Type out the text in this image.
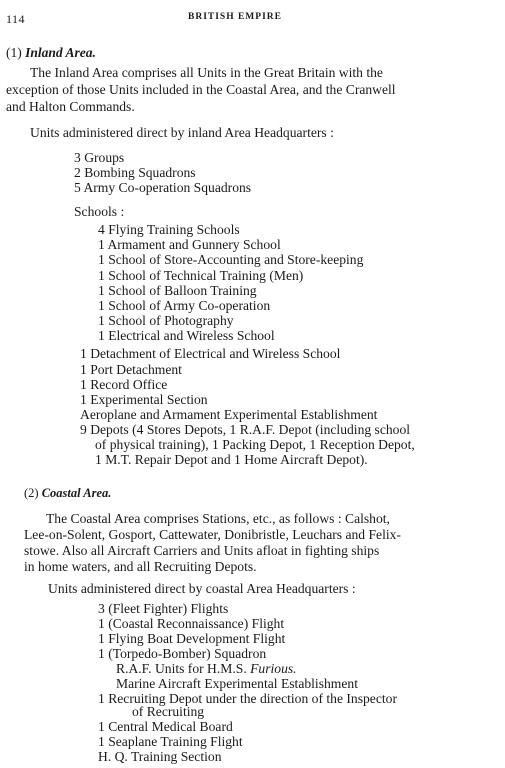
114	BRITISH EMPIRE
(1) Inland Area.
The Inland Area comprises all Units in the Great Britain with the
exception of those Units included in the Coastal Area, and the Cranwell
and Halton Commands.
Units administered direct by inland Area Headquarters :
3 Groups
2 Bombing Squadrons
5 Army Co-operation Squadrons
Schools :
4 Flying Training Schools
1 Armament and Gunnery School
1 School of Store-Accounting and Store-keeping
1 School of Technical Training (Men)
1 School of Balloon Training
1 School of Army Co-operation
1 School of Photography
1 Electrical and Wireless School
1 Detachment of Electrical and Wireless School
1 Port Detachment
1 Record Office
1 Experimental Section
Aeroplane and Armament Experimental Establishment
9 Depots (4 Stores Depots, 1 R.A.F. Depot (including school
of physical training), 1 Packing Depot, 1 Reception Depot,
1 M.T. Repair Depot and 1 Home Aircraft Depot).
(2) Coastal Area.
The Coastal Area comprises Stations, etc., as follows : Calshot,
Lee-on-Solent, Gosport, Cattewater, Donibristle, Leuchars and Felix-
stowe. Also all Aircraft Carriers and Units afloat in fighting ships
in home waters, and all Recruiting Depots.
Units administered direct by coastal Area Headquarters :
3 (Fleet Fighter) Flights
1 (Coastal Reconnaissance) Flight
1 Flying Boat Development Flight
1 (Torpedo-Bomber) Squadron
R.A.F. Units for H.M.S. Furious.
Marine Aircraft Experimental Establishment
1 Recruiting Depot under the direction of the Inspector
of Recruiting
1 Central Medical Board
1 Seaplane Training Flight
H. Q. Training Section
